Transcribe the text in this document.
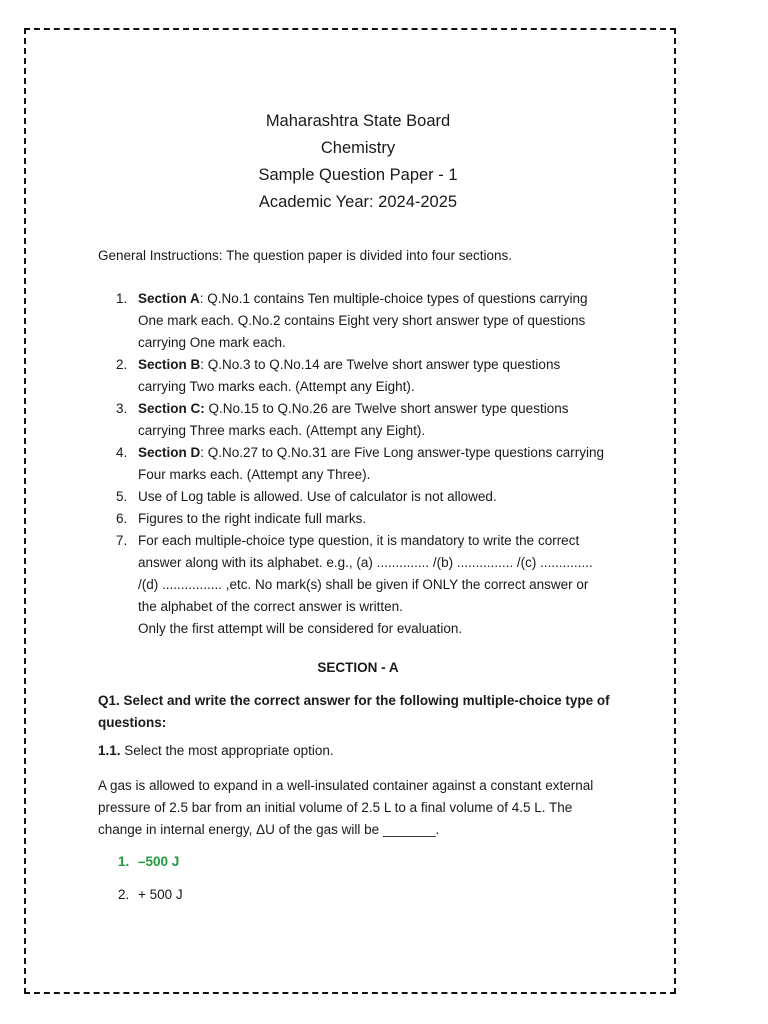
Maharashtra State Board
Chemistry
Sample Question Paper - 1
Academic Year: 2024-2025
General Instructions: The question paper is divided into four sections.
1. Section A: Q.No.1 contains Ten multiple-choice types of questions carrying One mark each. Q.No.2 contains Eight very short answer type of questions carrying One mark each.
2. Section B: Q.No.3 to Q.No.14 are Twelve short answer type questions carrying Two marks each. (Attempt any Eight).
3. Section C: Q.No.15 to Q.No.26 are Twelve short answer type questions carrying Three marks each. (Attempt any Eight).
4. Section D: Q.No.27 to Q.No.31 are Five Long answer-type questions carrying Four marks each. (Attempt any Three).
5. Use of Log table is allowed. Use of calculator is not allowed.
6. Figures to the right indicate full marks.
7. For each multiple-choice type question, it is mandatory to write the correct answer along with its alphabet. e.g., (a) .............. /(b) ............... /(c) .............. /(d) ................ ,etc. No mark(s) shall be given if ONLY the correct answer or the alphabet of the correct answer is written.
Only the first attempt will be considered for evaluation.
SECTION - A
Q1. Select and write the correct answer for the following multiple-choice type of questions:
1.1. Select the most appropriate option.
A gas is allowed to expand in a well-insulated container against a constant external pressure of 2.5 bar from an initial volume of 2.5 L to a final volume of 4.5 L. The change in internal energy, ΔU of the gas will be _______.
1. –500 J
2. + 500 J
